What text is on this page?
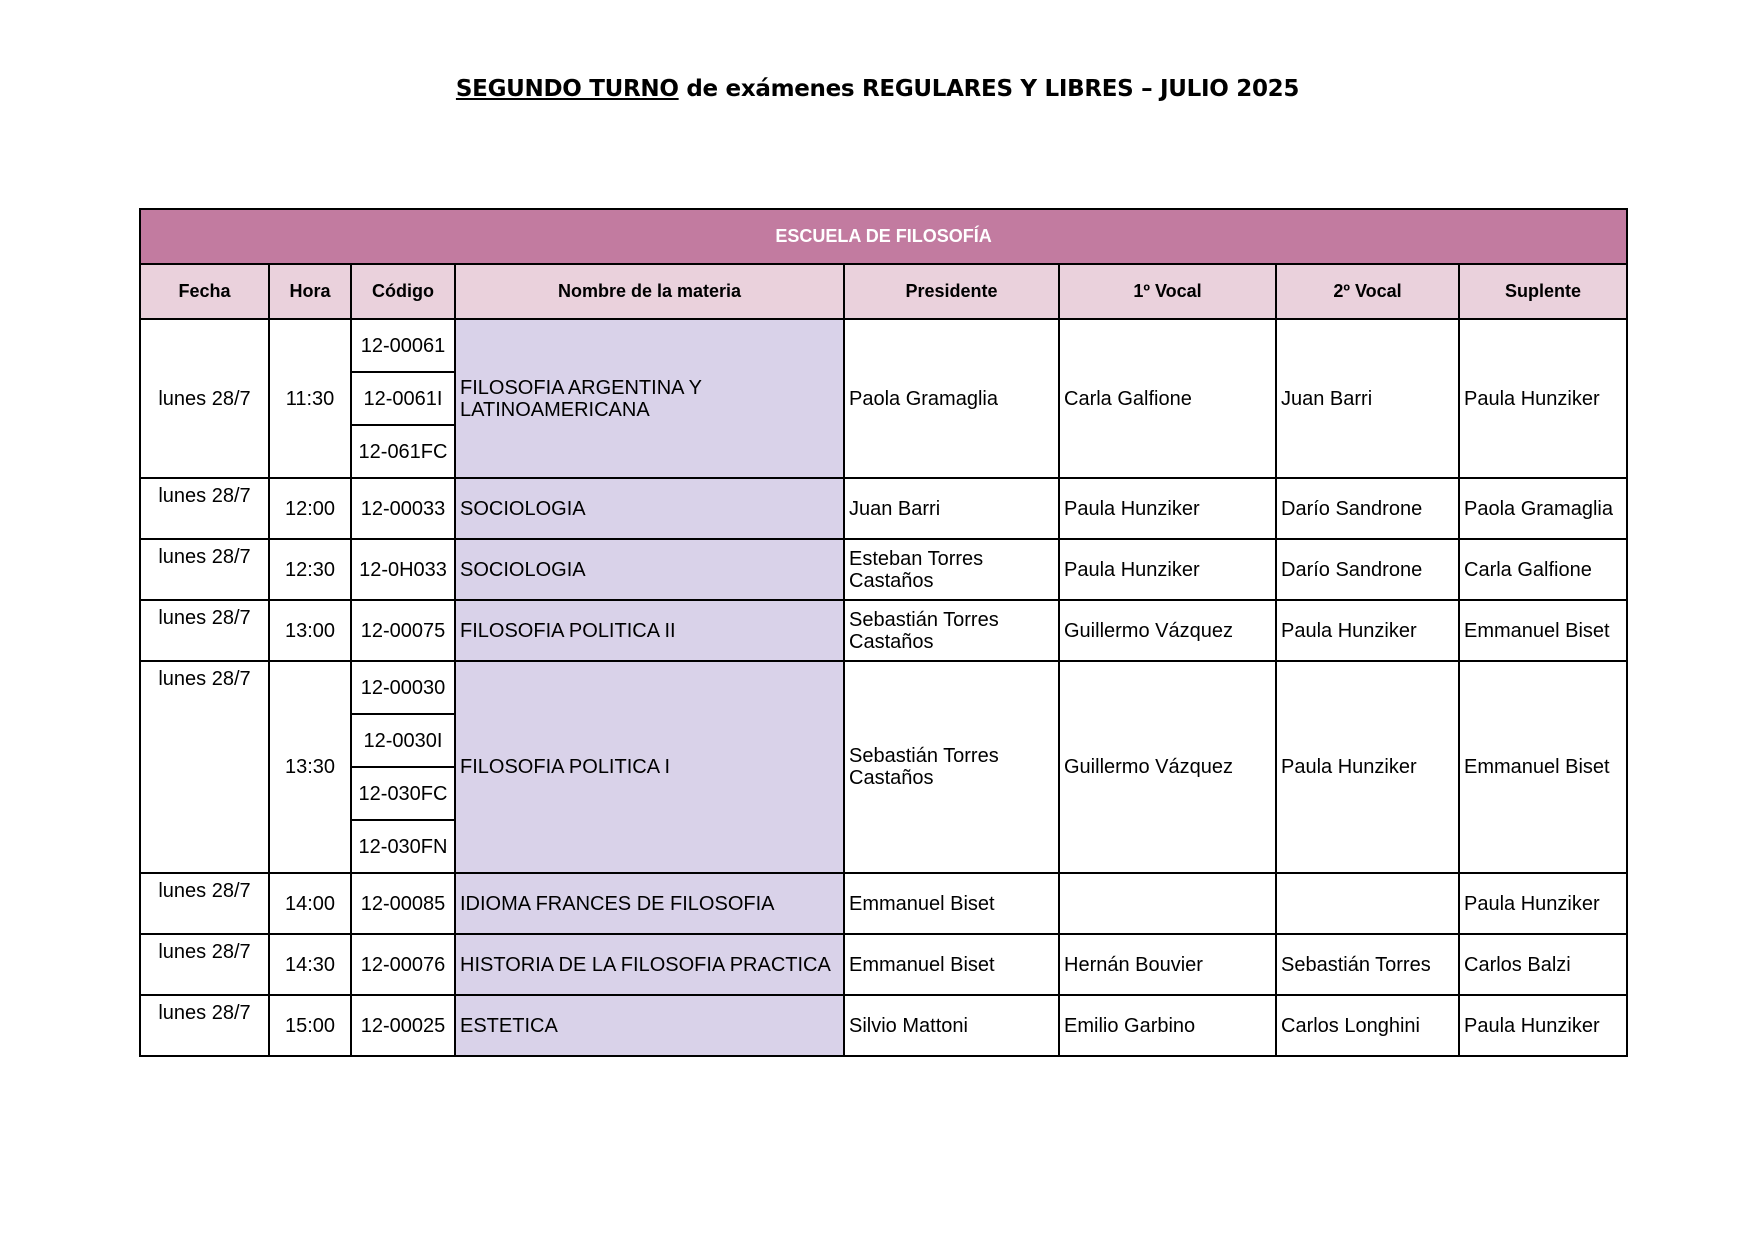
SEGUNDO TURNO de exámenes REGULARES Y LIBRES – JULIO 2025
ESCUELA DE FILOSOFÍA							
Fecha	Hora	Código	Nombre de la materia	Presidente	1º Vocal	2º Vocal	Suplente
lunes 28/7	11:30	12-00061	FILOSOFIA ARGENTINA Y LATINOAMERICANA	Paola Gramaglia	Carla Galfione	Juan Barri	Paula Hunziker
		12-0061I					
		12-061FC					
lunes 28/7	12:00	12-00033	SOCIOLOGIA	Juan Barri	Paula Hunziker	Darío Sandrone	Paola Gramaglia
lunes 28/7	12:30	12-0H033	SOCIOLOGIA	Esteban Torres Castaños	Paula Hunziker	Darío Sandrone	Carla Galfione
lunes 28/7	13:00	12-00075	FILOSOFIA POLITICA II	Sebastián Torres Castaños	Guillermo Vázquez	Paula Hunziker	Emmanuel Biset
lunes 28/7	13:30	12-00030	FILOSOFIA POLITICA I	Sebastián Torres Castaños	Guillermo Vázquez	Paula Hunziker	Emmanuel Biset
		12-0030I					
		12-030FC					
		12-030FN					
lunes 28/7	14:00	12-00085	IDIOMA FRANCES DE FILOSOFIA	Emmanuel Biset			Paula Hunziker
lunes 28/7	14:30	12-00076	HISTORIA DE LA FILOSOFIA PRACTICA	Emmanuel Biset	Hernán Bouvier	Sebastián Torres	Carlos Balzi
lunes 28/7	15:00	12-00025	ESTETICA	Silvio Mattoni	Emilio Garbino	Carlos Longhini	Paula Hunziker
